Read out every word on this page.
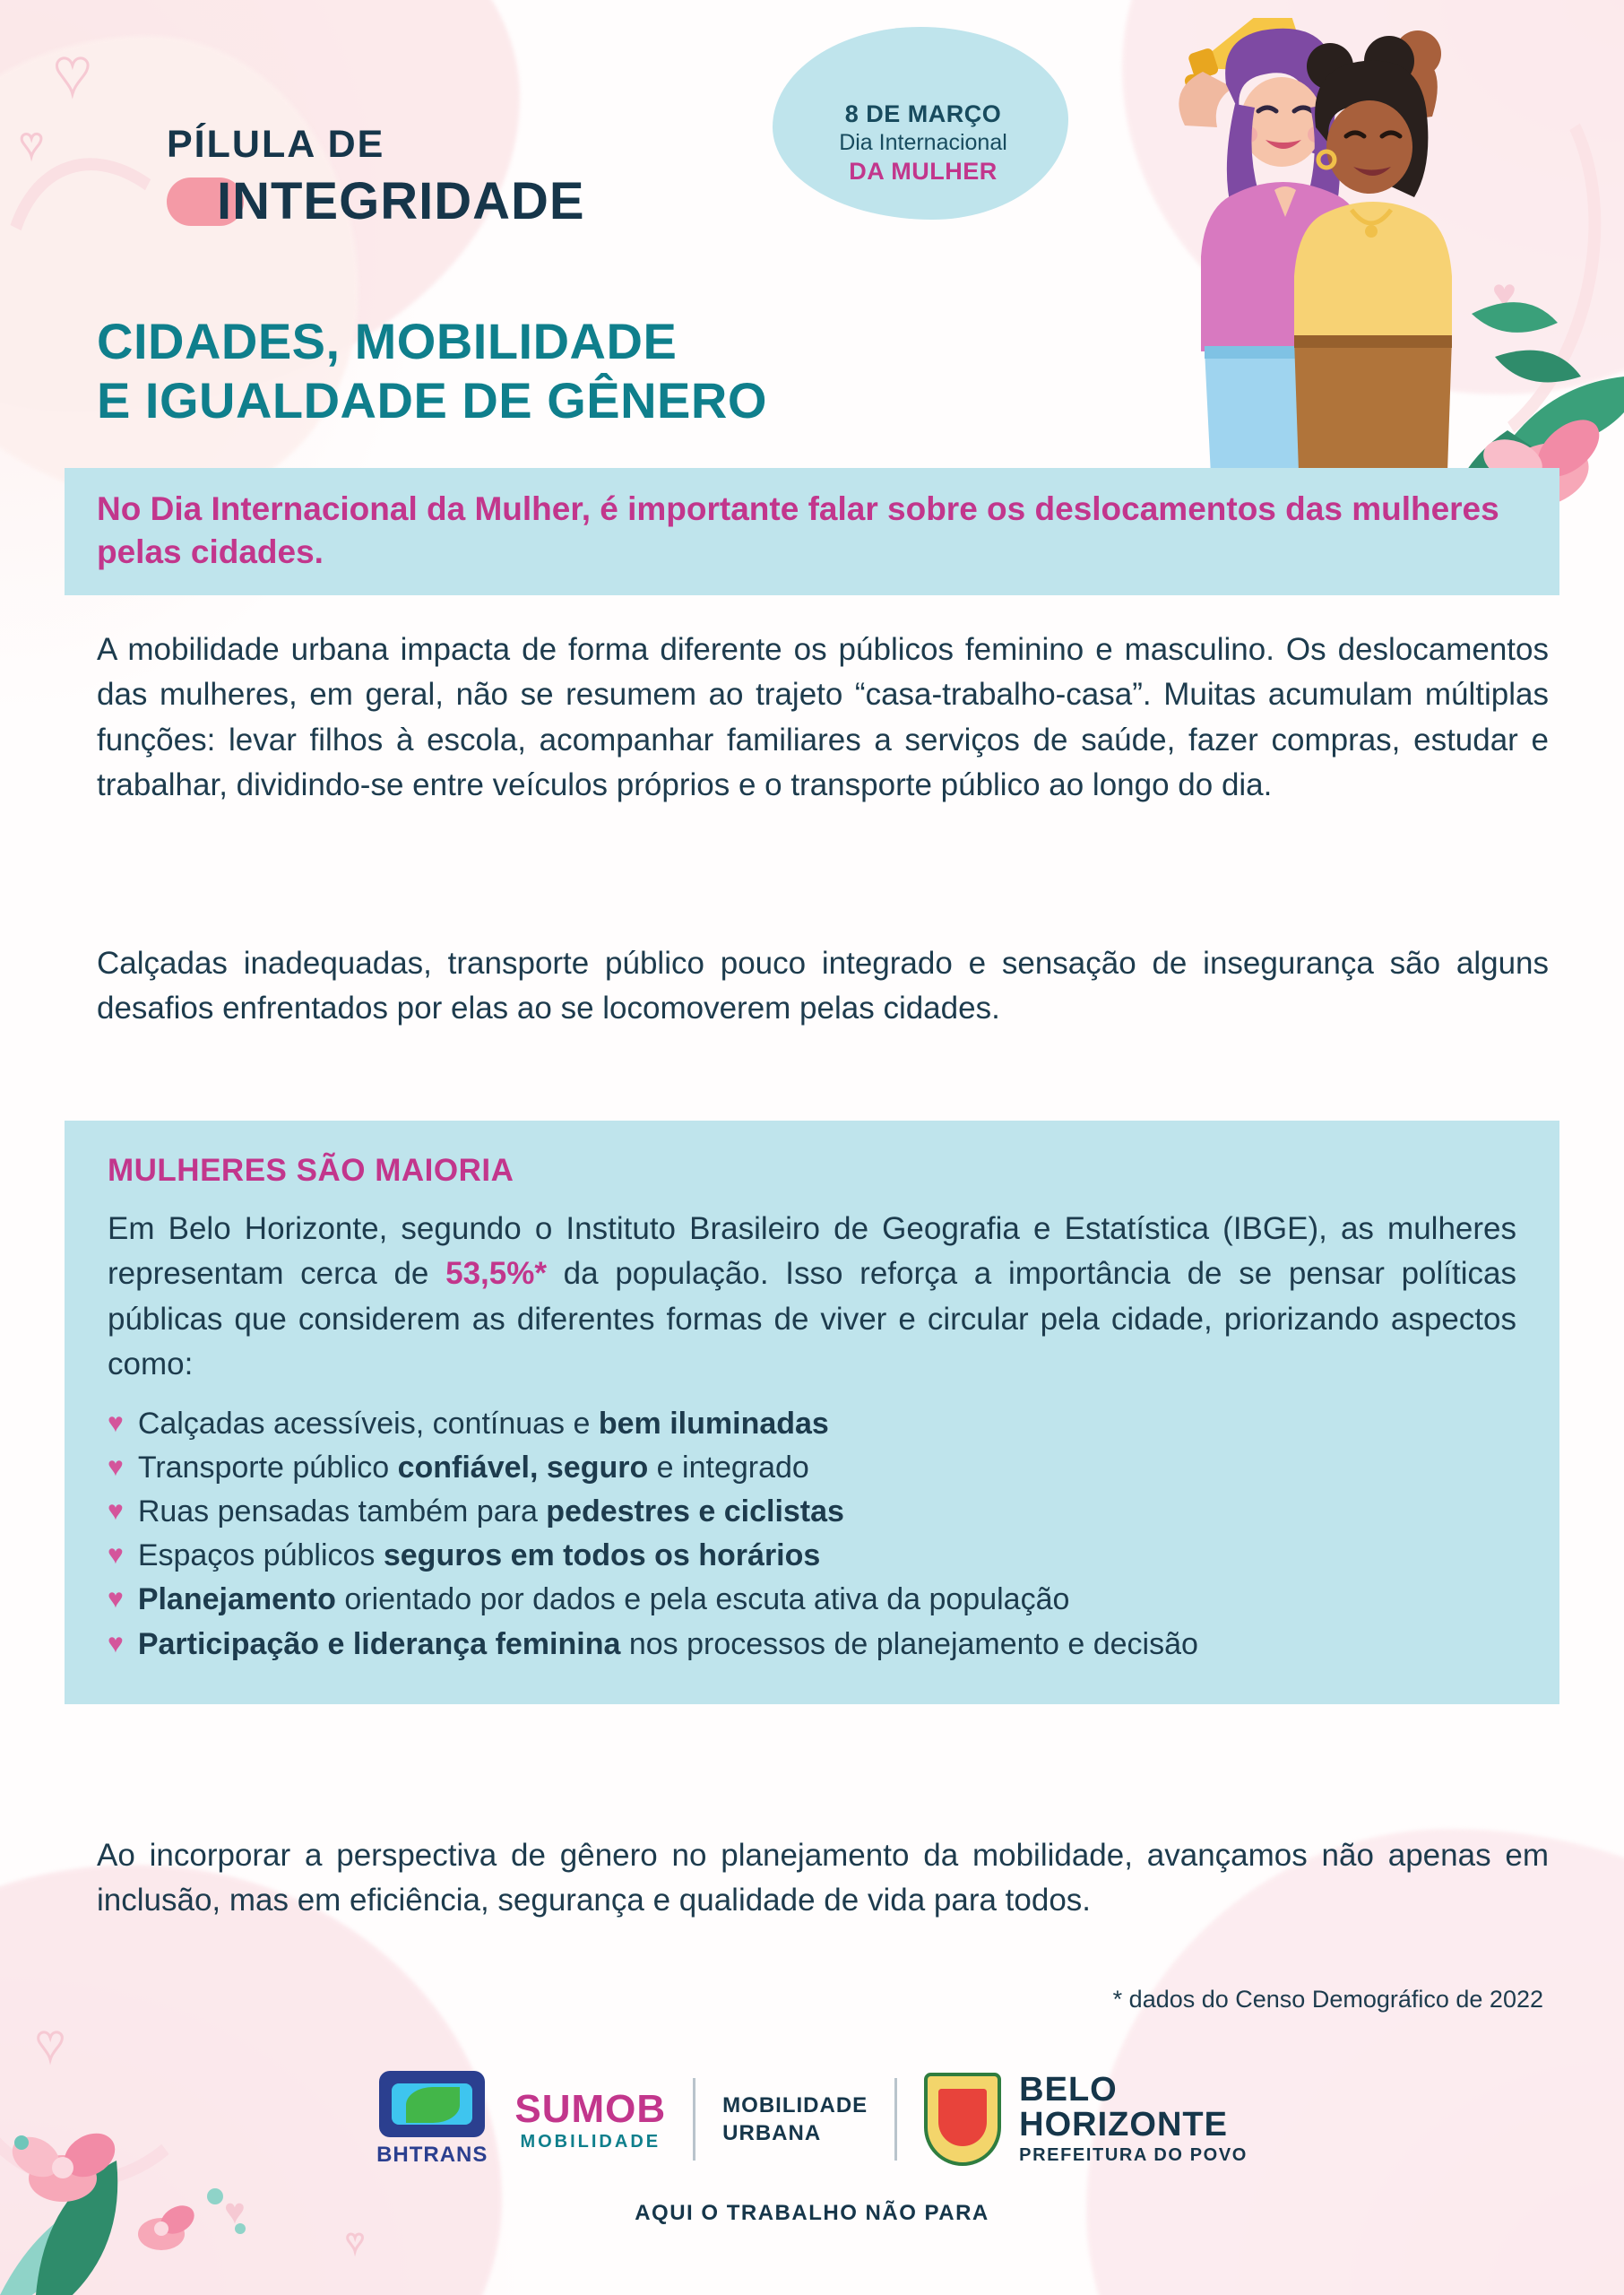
♥
♥
♥
♥
♥
♥
PÍLULA DE
INTEGRIDADE
8 DE MARÇO
Dia Internacional
DA MULHER
CIDADES, MOBILIDADE
E IGUALDADE DE GÊNERO
No Dia Internacional da Mulher, é importante falar sobre os deslocamentos das mulheres pelas cidades.
A mobilidade urbana impacta de forma diferente os públicos feminino e masculino. Os deslocamentos das mulheres, em geral, não se resumem ao trajeto “casa-trabalho-casa”. Muitas acumulam múltiplas funções: levar filhos à escola, acompanhar familiares a serviços de saúde, fazer compras, estudar e trabalhar, dividindo-se entre veículos próprios e o transporte público ao longo do dia.
Calçadas inadequadas, transporte público pouco integrado e sensação de insegurança são alguns desafios enfrentados por elas ao se locomoverem pelas cidades.
MULHERES SÃO MAIORIA
Em Belo Horizonte, segundo o Instituto Brasileiro de Geografia e Estatística (IBGE), as mulheres representam cerca de 53,5%* da população. Isso reforça a importância de se pensar políticas públicas que considerem as diferentes formas de viver e circular pela cidade, priorizando aspectos como:
♥ Calçadas acessíveis, contínuas e bem iluminadas
♥ Transporte público confiável, seguro e integrado
♥ Ruas pensadas também para pedestres e ciclistas
♥ Espaços públicos seguros em todos os horários
♥ Planejamento orientado por dados e pela escuta ativa da população
♥ Participação e liderança feminina nos processos de planejamento e decisão
Ao incorporar a perspectiva de gênero no planejamento da mobilidade, avançamos não apenas em inclusão, mas em eficiência, segurança e qualidade de vida para todos.
* dados do Censo Demográfico de 2022
BHTRANS
SUMOB
MOBILIDADE
MOBILIDADE
URBANA
BELO
HORIZONTE
PREFEITURA DO POVO
AQUI O TRABALHO NÃO PARA
